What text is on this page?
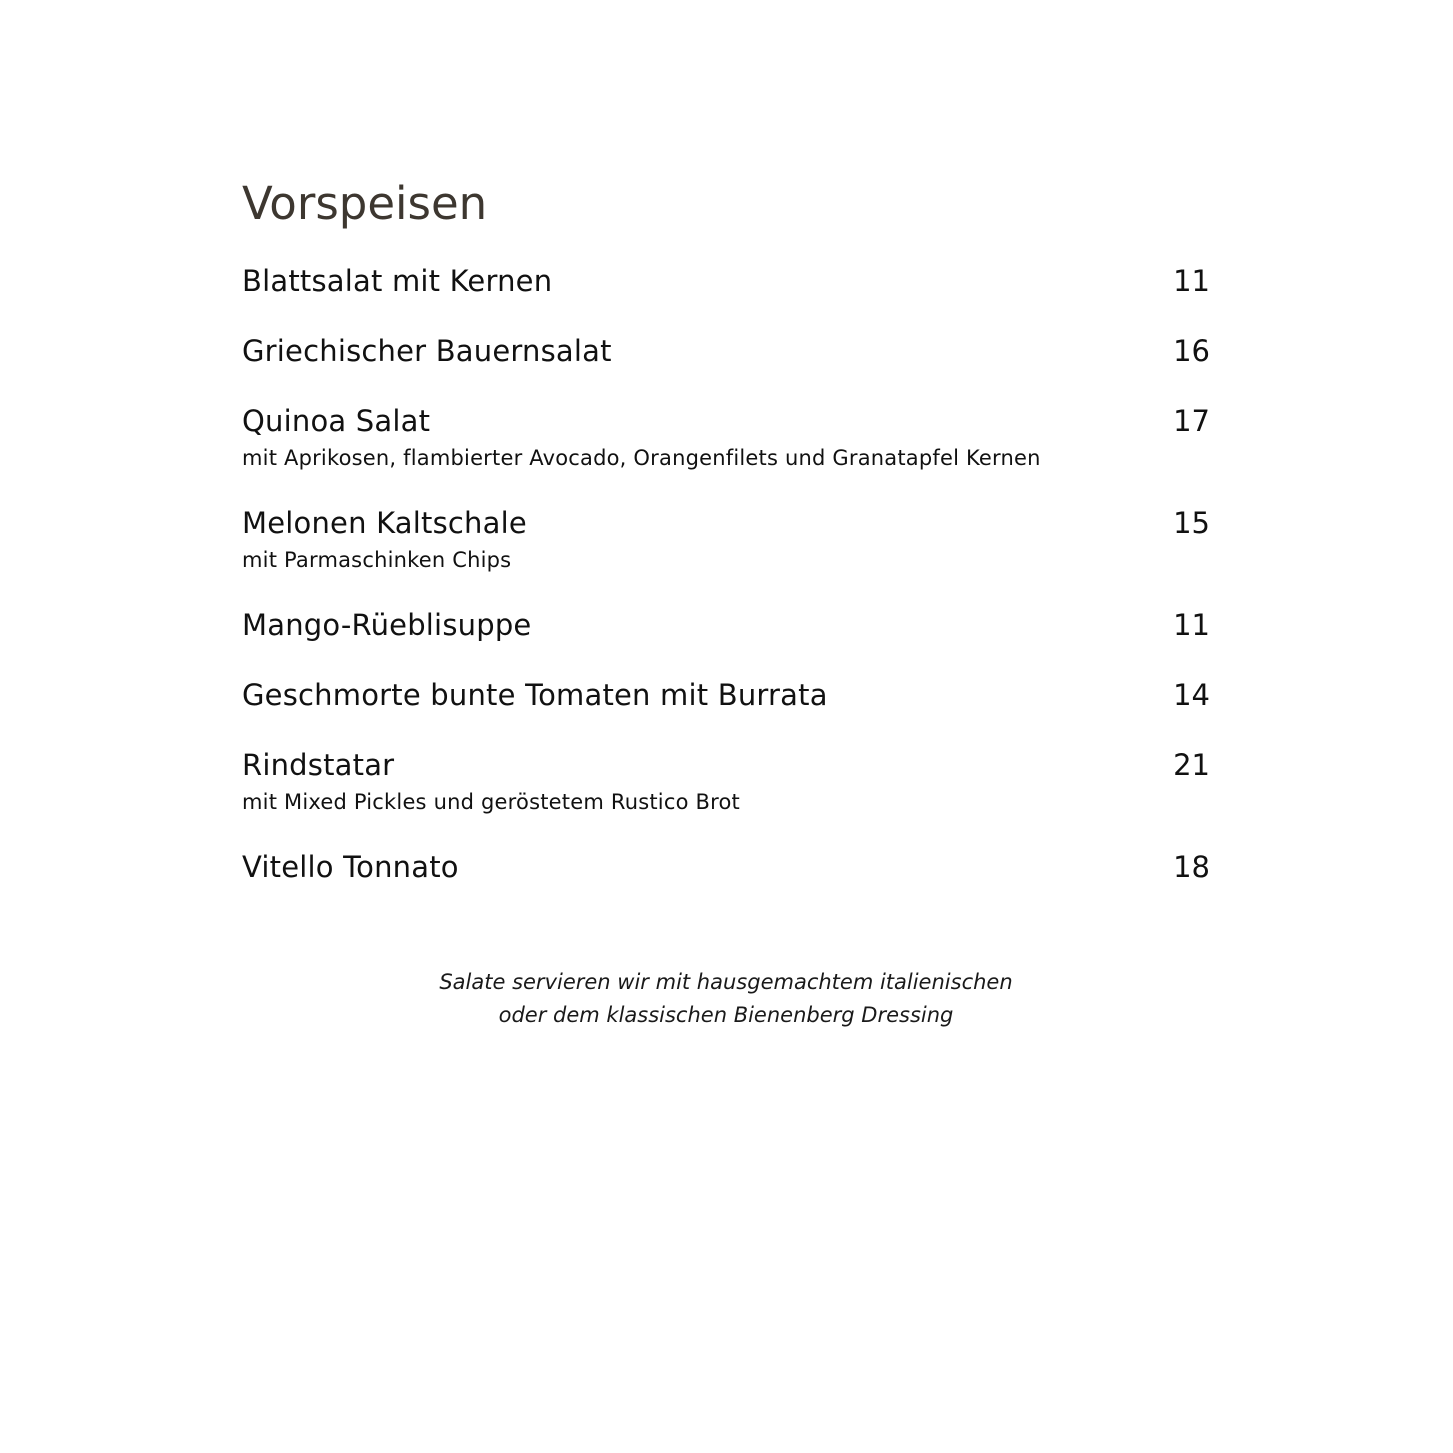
Vorspeisen
Blattsalat mit Kernen	11
Griechischer Bauernsalat	16
Quinoa Salat	17
mit Aprikosen, flambierter Avocado, Orangenfilets und Granatapfel Kernen
Melonen Kaltschale	15
mit Parmaschinken Chips
Mango-Rüeblisuppe	11
Geschmorte bunte Tomaten mit Burrata	14
Rindstatar	21
mit Mixed Pickles und geröstetem Rustico Brot
Vitello Tonnato	18
Salate servieren wir mit hausgemachtem italienischen
oder dem klassischen Bienenberg Dressing
